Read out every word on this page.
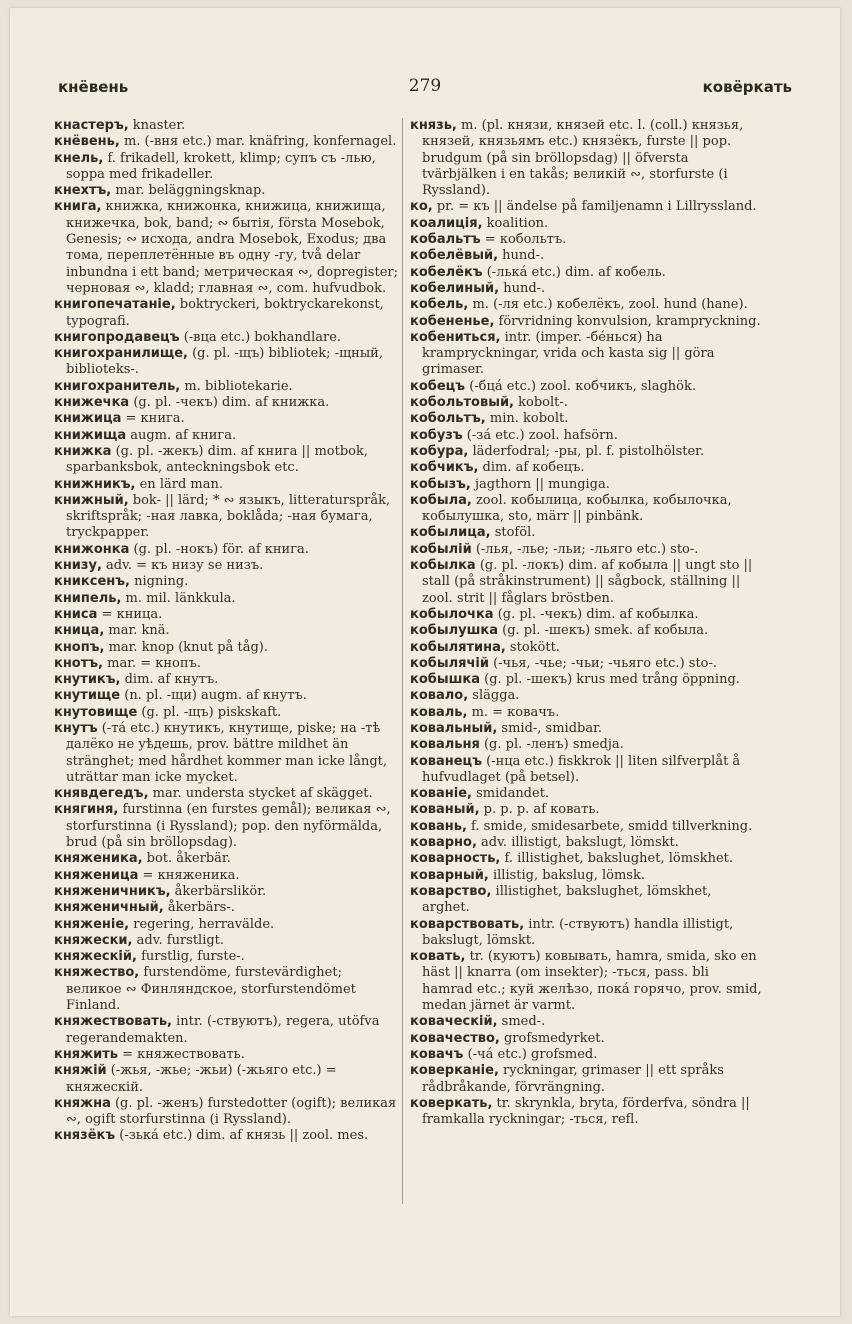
кнёвень	279	ковёркать

кнастеръ, knaster.

кнёвень, m. (-вня etc.) mar. knäfring, konfernagel.

кнель, f. frikadell, krokett, klimp; супъ съ -лью, soppa med frikadeller.

кнехтъ, mar. beläggningsknap.

книга, книжка, книжонка, книжица, книжища, книжечка, bok, band; ∾ бытія, första Mosebok, Genesis; ∾ исхода, andra Mosebok, Exodus; два тома, переплетённые въ одну -гу, två delar inbundna i ett band; метрическая ∾, dopregister; черновая ∾, kladd; главная ∾, com. hufvudbok.

книгопечатаніе, boktryckeri, boktryckarekonst, typografi.

книгопродавецъ (-вца etc.) bokhandlare.

книгохранилище, (g. pl. -щъ) bibliotek; -щный, biblioteks-.

книгохранитель, m. bibliotekarie.

книжечка (g. pl. -чекъ) dim. af книжка.

книжица = книга.

книжища augm. af книга.

книжка (g. pl. -жекъ) dim. af книга || motbok, sparbanksbok, anteckningsbok etc.

книжникъ, en lärd man.

книжный, bok- || lärd; * ∾ языкъ, litteraturspråk, skriftspråk; -ная лавка, boklåda; -ная бумага, tryckpapper.

книжонка (g. pl. -нокъ) för. af книга.

книзу, adv. = къ низу se низъ.

книксенъ, nigning.

книпель, m. mil. länkkula.

книса = кница.

кница, mar. knä.

кнопъ, mar. knop (knut på tåg).

кнотъ, mar. = кнопъ.

кнутикъ, dim. af кнутъ.

кнутище (n. pl. -щи) augm. af кнутъ.

кнутовище (g. pl. -щъ) piskskaft.

кнутъ (-тá etc.) кнутикъ, кнутище, piske; на -тѣ далёко не уѣдешь, prov. bättre mildhet än stränghet; med hårdhet kommer man icke långt, uträttar man icke mycket.

княвдегедъ, mar. understa stycket af skägget.

княгиня, furstinna (en furstes gemål); великая ∾, storfurstinna (i Ryssland); pop. den nyförmälda, brud (på sin bröllopsdag).

княженика, bot. åkerbär.

княженица = княженика.

княженичникъ, åkerbärslikör.

княженичный, åkerbärs-.

княженіе, regering, herravälde.

княжески, adv. furstligt.

княжескій, furstlig, furste-.

княжество, furstendöme, furstevärdighet; великое ∾ Финляндское, storfurstendömet Finland.

княжествовать, intr. (-ствуютъ), regera, utöfva regerandemakten.

княжить = княжествовать.

княжій (-жья, -жье; -жьи) (-жьяго etc.) = княжескій.

княжна (g. pl. -женъ) furstedotter (ogift); великая ∾, ogift storfurstinna (i Ryssland).

князёкъ (-зькá etc.) dim. af князь || zool. mes.

князь, m. (pl. князи, князей etc. l. (coll.) князья, князей, князьямъ etc.) князёкъ, furste || pop. brudgum (på sin bröllopsdag) || öfversta tvärbjälken i en takås; великій ∾, storfurste (i Ryssland).

ко, pr. = къ || ändelse på familjenamn i Lillryssland.

коалиція, koalition.

кобальтъ = кобольтъ.

кобелёвый, hund-.

кобелёкъ (-лькá etc.) dim. af кобель.

кобелиный, hund-.

кобель, m. (-ля etc.) кобелёкъ, zool. hund (hane).

кобененье, förvridning konvulsion, krampryckning.

кобениться, intr. (imper. -бéнься) ha krampryckningar, vrida och kasta sig || göra grimaser.

кобецъ (-бцá etc.) zool. кобчикъ, slaghök.

кобольтовый, kobolt-.

кобольтъ, min. kobolt.

кобузъ (-зá etc.) zool. hafsörn.

кобура, läderfodral; -ры, pl. f. pistolhölster.

кобчикъ, dim. af кобецъ.

кобызъ, jagthorn || mungiga.

кобыла, zool. кобылица, кобылка, кобылочка, кобылушка, sto, märr || pinbänk.

кобылица, stoföl.

кобылій (-лья, -лье; -льи; -льяго etc.) sto-.

кобылка (g. pl. -локъ) dim. af кобыла || ungt sto || stall (på stråkinstrument) || sågbock, ställning || zool. strit || fåglars bröstben.

кобылочка (g. pl. -чекъ) dim. af кобылка.

кобылушка (g. pl. -шекъ) smek. af кобыла.

кобылятина, stokött.

кобылячій (-чья, -чье; -чьи; -чьяго etc.) sto-.

кобышка (g. pl. -шекъ) krus med trång öppning.

ковало, slägga.

коваль, m. = ковачъ.

ковальный, smid-, smidbar.

ковальня (g. pl. -ленъ) smedja.

кованецъ (-нца etc.) fiskkrok || liten silfverplåt å hufvudlaget (på betsel).

кованіе, smidandet.

кованый, p. p. p. af ковать.

ковань, f. smide, smidesarbete, smidd tillverkning.

коварно, adv. illistigt, bakslugt, lömskt.

коварность, f. illistighet, bakslughet, lömskhet.

коварный, illistig, bakslug, lömsk.

коварство, illistighet, bakslughet, lömskhet, arghet.

коварствовать, intr. (-ствуютъ) handla illistigt, bakslugt, lömskt.

ковать, tr. (куютъ) ковывать, hamra, smida, sko en häst || knarra (om insekter); -ться, pass. bli hamrad etc.; куй желѣзо, покá горячо, prov. smid, medan järnet är varmt.

коваческій, smed-.

ковачество, grofsmedyrket.

ковачъ (-чá etc.) grofsmed.

коверканіе, ryckningar, grimaser || ett språks rådbråkande, förvrängning.

коверкать, tr. skrynkla, bryta, förderfva, söndra || framkalla ryckningar; -ться, refl.
